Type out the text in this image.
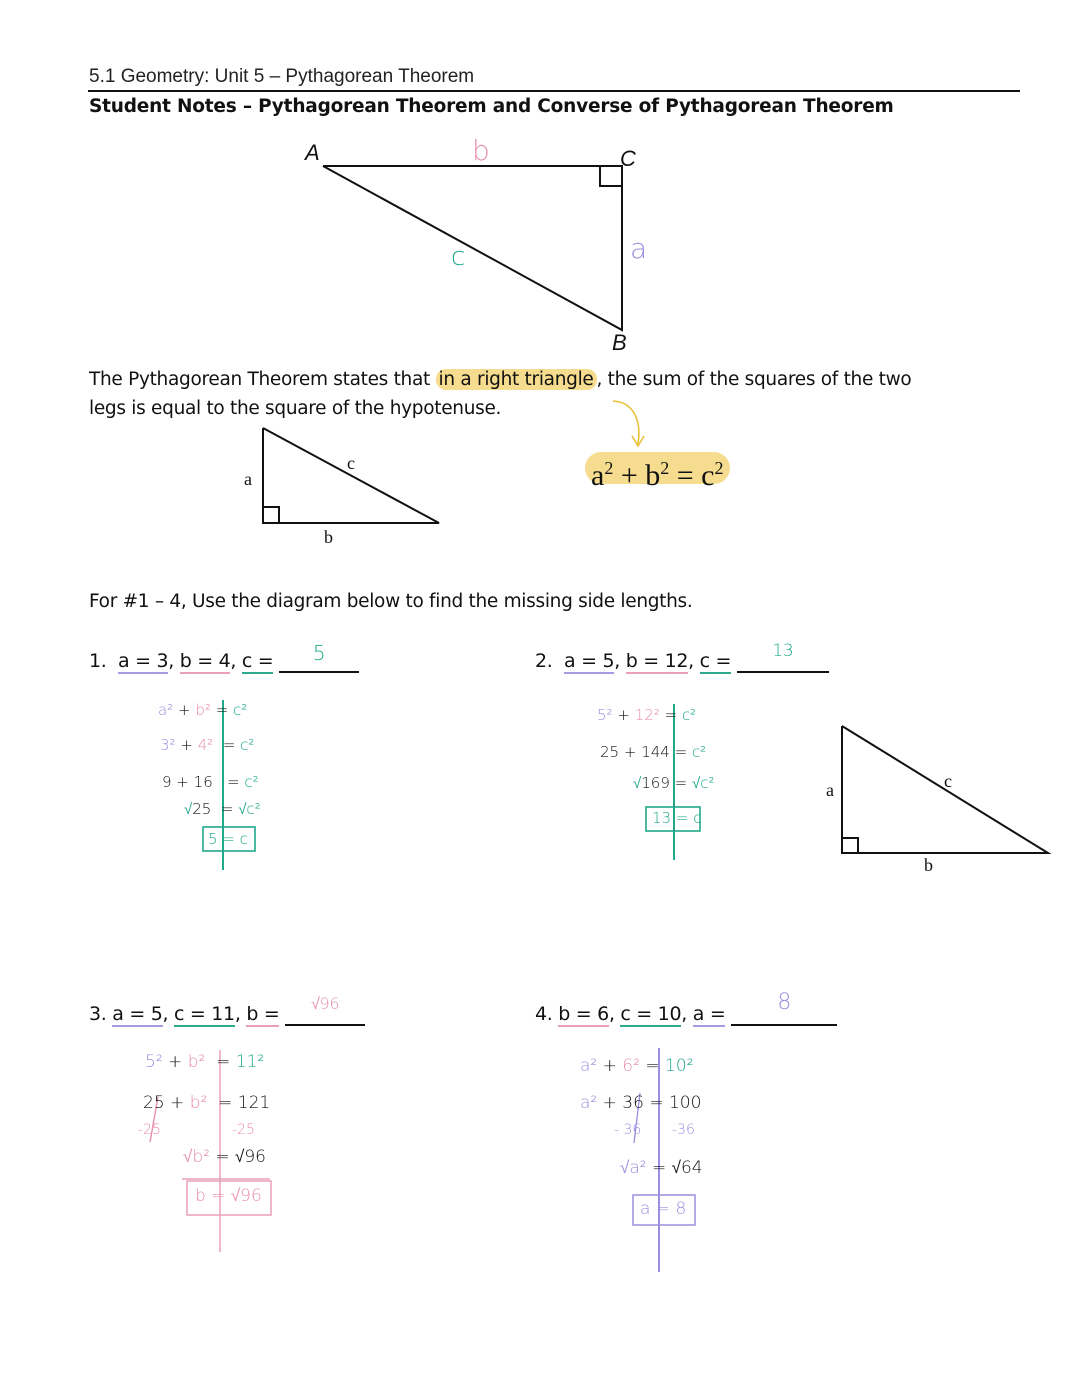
5.1 Geometry: Unit 5 – Pythagorean Theorem
Student Notes – Pythagorean Theorem and Converse of Pythagorean Theorem
A	C
B
b
a
c
The Pythagorean Theorem states that in a right triangle , the sum of the squares of the two
legs is equal to the square of the hypotenuse.
a
c
b
$a^2 + b^2 = c^2$
For #1 – 4, Use the diagram below to find the missing side lengths.
1. a = 3, b = 4, c =	5
a² + b² = c²
3² + 4² = c²
9 + 16   = c²
√25  = √c²
5 = c
2. a = 5, b = 12, c =	13
5² + 12² = c²
25 + 144 = c²
√169 = √c²
13 = c
a	c
b
3. a = 5, c = 11, b =	√96
5² + b²  = 11²
25 + b²  = 121
-25	-25
√b² = √96
b = √96
4. b = 6, c = 10, a =	8
a² + 6² = 10²
a² + 36 = 100
- 36 -36
√a² = √64
a = 8
